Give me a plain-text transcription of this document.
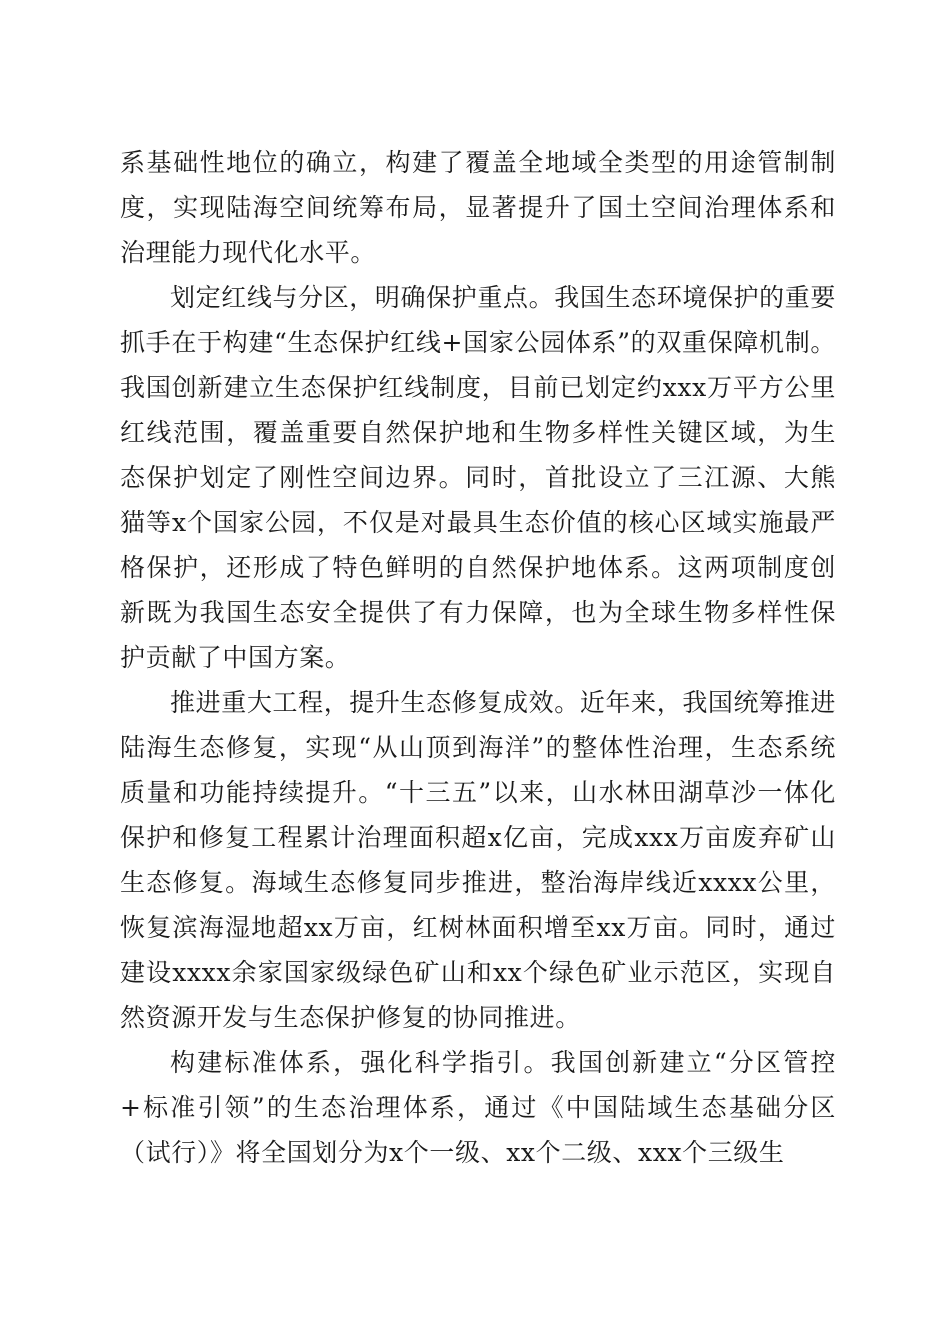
系基础性地位的确立，构建了覆盖全地域全类型的用途管制制度，实现陆海空间统筹布局，显著提升了国土空间治理体系和治理能力现代化水平。

划定红线与分区，明确保护重点。我国生态环境保护的重要抓手在于构建“生态保护红线+国家公园体系”的双重保障机制。我国创新建立生态保护红线制度，目前已划定约xxx万平方公里红线范围，覆盖重要自然保护地和生物多样性关键区域，为生态保护划定了刚性空间边界。同时，首批设立了三江源、大熊猫等x个国家公园，不仅是对最具生态价值的核心区域实施最严格保护，还形成了特色鲜明的自然保护地体系。这两项制度创新既为我国生态安全提供了有力保障，也为全球生物多样性保护贡献了中国方案。

推进重大工程，提升生态修复成效。近年来，我国统筹推进陆海生态修复，实现“从山顶到海洋”的整体性治理，生态系统质量和功能持续提升。“十三五”以来，山水林田湖草沙一体化保护和修复工程累计治理面积超x亿亩，完成xxx万亩废弃矿山生态修复。海域生态修复同步推进，整治海岸线近xxxx公里，恢复滨海湿地超xx万亩，红树林面积增至xx万亩。同时，通过建设xxxx余家国家级绿色矿山和xx个绿色矿业示范区，实现自然资源开发与生态保护修复的协同推进。

构建标准体系，强化科学指引。我国创新建立“分区管控+标准引领”的生态治理体系，通过《中国陆域生态基础分区（试行）》将全国划分为x个一级、xx个二级、xxx个三级生
